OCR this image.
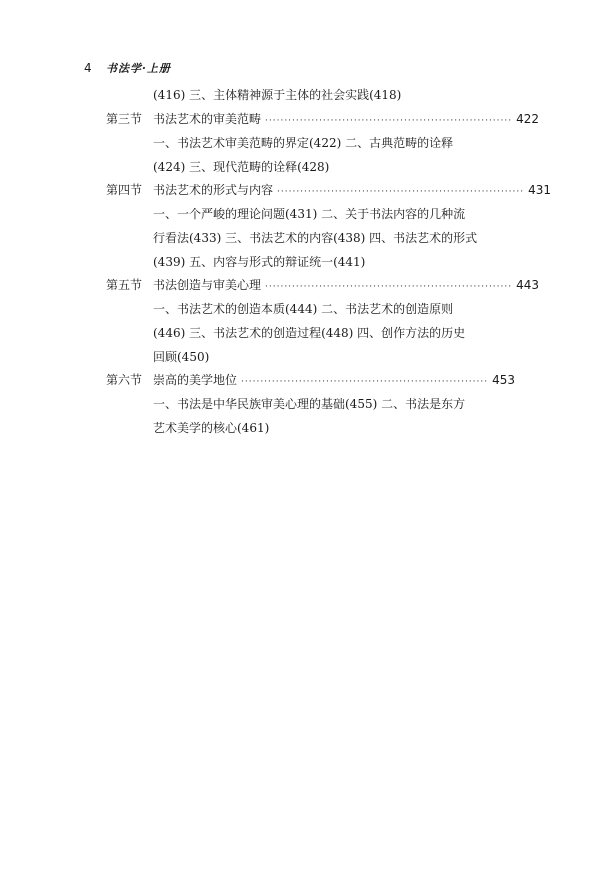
4	书法学·上册
(416) 三、主体精神源于主体的社会实践(418)
第三节 书法艺术的审美范畴 ································································ 422
一、书法艺术审美范畴的界定(422) 二、古典范畴的诠释
(424) 三、现代范畴的诠释(428)
第四节 书法艺术的形式与内容 ································································ 431
一、一个严峻的理论问题(431) 二、关于书法内容的几种流
行看法(433) 三、书法艺术的内容(438) 四、书法艺术的形式
(439) 五、内容与形式的辩证统一(441)
第五节 书法创造与审美心理 ································································ 443
一、书法艺术的创造本质(444) 二、书法艺术的创造原则
(446) 三、书法艺术的创造过程(448) 四、创作方法的历史
回顾(450)
第六节 崇高的美学地位 ································································ 453
一、书法是中华民族审美心理的基础(455) 二、书法是东方
艺术美学的核心(461)
